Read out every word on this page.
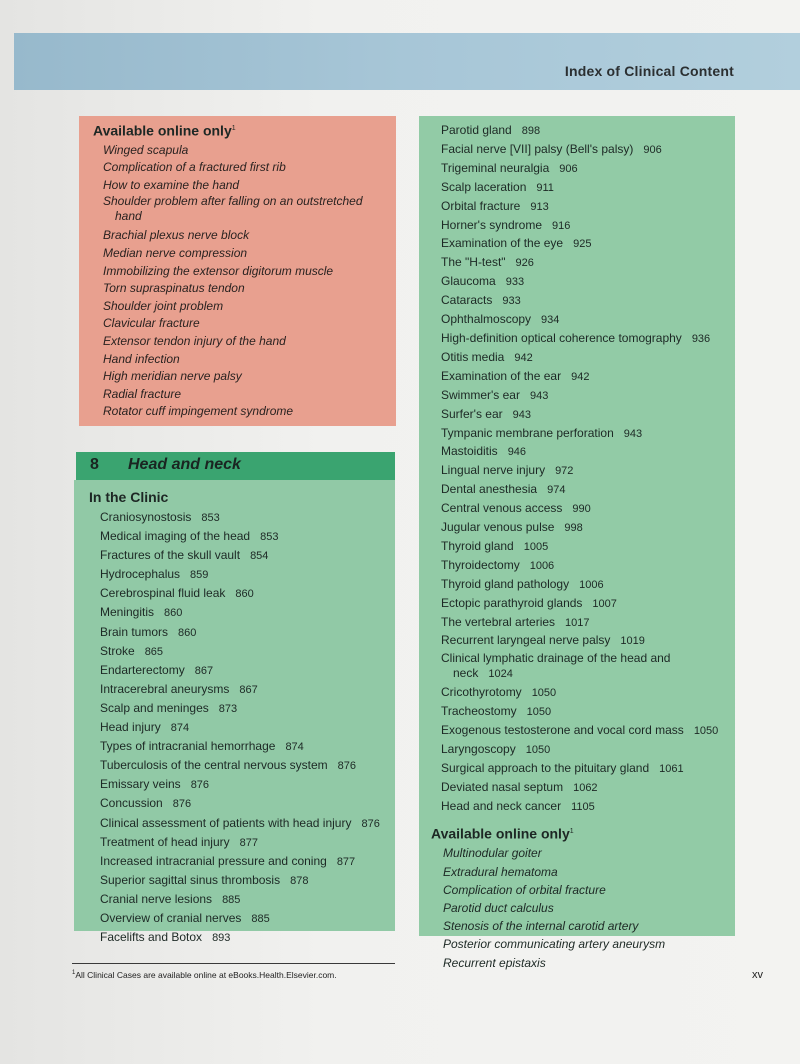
Index of Clinical Content
Available online only$^1$
Winged scapula
Complication of a fractured first rib
How to examine the hand
Shoulder problem after falling on an outstretched
hand
Brachial plexus nerve block
Median nerve compression
Immobilizing the extensor digitorum muscle
Torn supraspinatus tendon
Shoulder joint problem
Clavicular fracture
Extensor tendon injury of the hand
Hand infection
High meridian nerve palsy
Radial fracture
Rotator cuff impingement syndrome
8 Head and neck
In the Clinic
Craniosynostosis 853
Medical imaging of the head 853
Fractures of the skull vault 854
Hydrocephalus 859
Cerebrospinal fluid leak 860
Meningitis 860
Brain tumors 860
Stroke 865
Endarterectomy 867
Intracerebral aneurysms 867
Scalp and meninges 873
Head injury 874
Types of intracranial hemorrhage 874
Tuberculosis of the central nervous system 876
Emissary veins 876
Concussion 876
Clinical assessment of patients with head injury 876
Treatment of head injury 877
Increased intracranial pressure and coning 877
Superior sagittal sinus thrombosis 878
Cranial nerve lesions 885
Overview of cranial nerves 885
Facelifts and Botox 893
Parotid gland 898
Facial nerve [VII] palsy (Bell's palsy) 906
Trigeminal neuralgia 906
Scalp laceration 911
Orbital fracture 913
Horner's syndrome 916
Examination of the eye 925
The "H-test" 926
Glaucoma 933
Cataracts 933
Ophthalmoscopy 934
High-definition optical coherence tomography 936
Otitis media 942
Examination of the ear 942
Swimmer's ear 943
Surfer's ear 943
Tympanic membrane perforation 943
Mastoiditis 946
Lingual nerve injury 972
Dental anesthesia 974
Central venous access 990
Jugular venous pulse 998
Thyroid gland 1005
Thyroidectomy 1006
Thyroid gland pathology 1006
Ectopic parathyroid glands 1007
The vertebral arteries 1017
Recurrent laryngeal nerve palsy 1019
Clinical lymphatic drainage of the head and
neck 1024
Cricothyrotomy 1050
Tracheostomy 1050
Exogenous testosterone and vocal cord mass 1050
Laryngoscopy 1050
Surgical approach to the pituitary gland 1061
Deviated nasal septum 1062
Head and neck cancer 1105
Available online only$^1$
Multinodular goiter
Extradural hematoma
Complication of orbital fracture
Parotid duct calculus
Stenosis of the internal carotid artery
Posterior communicating artery aneurysm
Recurrent epistaxis
$^1$All Clinical Cases are available online at eBooks.Health.Elsevier.com.	xv
